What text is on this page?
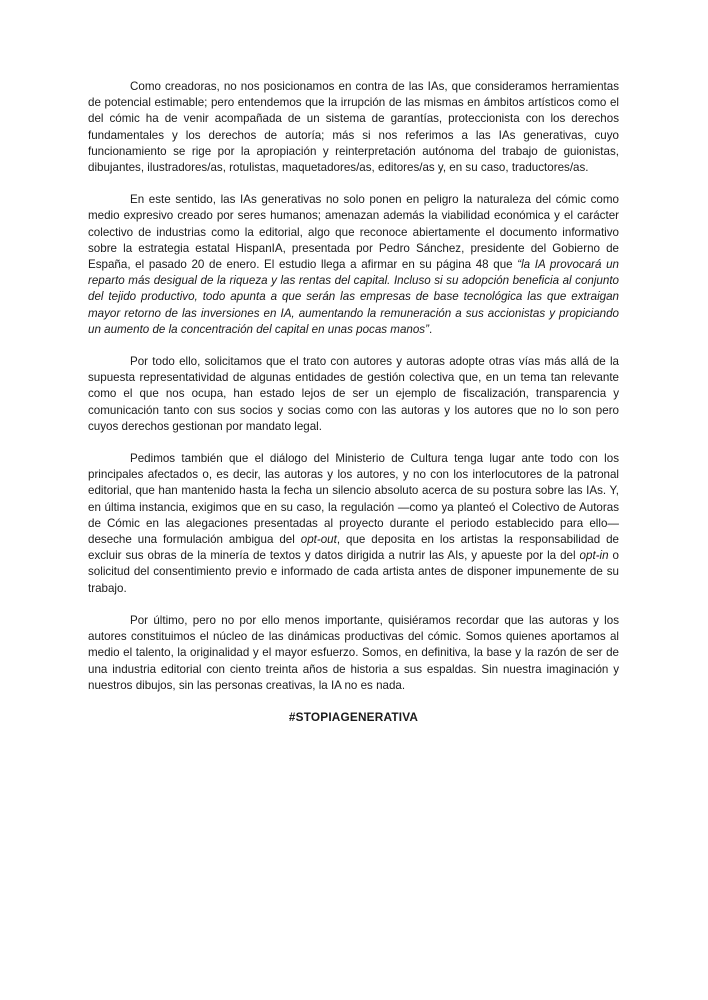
Como creadoras, no nos posicionamos en contra de las IAs, que consideramos herramientas de potencial estimable; pero entendemos que la irrupción de las mismas en ámbitos artísticos como el del cómic ha de venir acompañada de un sistema de garantías, proteccionista con los derechos fundamentales y los derechos de autoría; más si nos referimos a las IAs generativas, cuyo funcionamiento se rige por la apropiación y reinterpretación autónoma del trabajo de guionistas, dibujantes, ilustradores/as, rotulistas, maquetadores/as, editores/as y, en su caso, traductores/as.

En este sentido, las IAs generativas no solo ponen en peligro la naturaleza del cómic como medio expresivo creado por seres humanos; amenazan además la viabilidad económica y el carácter colectivo de industrias como la editorial, algo que reconoce abiertamente el documento informativo sobre la estrategia estatal HispanIA, presentada por Pedro Sánchez, presidente del Gobierno de España, el pasado 20 de enero. El estudio llega a afirmar en su página 48 que “la IA provocará un reparto más desigual de la riqueza y las rentas del capital. Incluso si su adopción beneficia al conjunto del tejido productivo, todo apunta a que serán las empresas de base tecnológica las que extraigan mayor retorno de las inversiones en IA, aumentando la remuneración a sus accionistas y propiciando un aumento de la concentración del capital en unas pocas manos”.

Por todo ello, solicitamos que el trato con autores y autoras adopte otras vías más allá de la supuesta representatividad de algunas entidades de gestión colectiva que, en un tema tan relevante como el que nos ocupa, han estado lejos de ser un ejemplo de fiscalización, transparencia y comunicación tanto con sus socios y socias como con las autoras y los autores que no lo son pero cuyos derechos gestionan por mandato legal.

Pedimos también que el diálogo del Ministerio de Cultura tenga lugar ante todo con los principales afectados o, es decir, las autoras y los autores, y no con los interlocutores de la patronal editorial, que han mantenido hasta la fecha un silencio absoluto acerca de su postura sobre las IAs. Y, en última instancia, exigimos que en su caso, la regulación —como ya planteó el Colectivo de Autoras de Cómic en las alegaciones presentadas al proyecto durante el periodo establecido para ello— deseche una formulación ambigua del opt-out, que deposita en los artistas la responsabilidad de excluir sus obras de la minería de textos y datos dirigida a nutrir las AIs, y apueste por la del opt-in o solicitud del consentimiento previo e informado de cada artista antes de disponer impunemente de su trabajo.

Por último, pero no por ello menos importante, quisiéramos recordar que las autoras y los autores constituimos el núcleo de las dinámicas productivas del cómic. Somos quienes aportamos al medio el talento, la originalidad y el mayor esfuerzo. Somos, en definitiva, la base y la razón de ser de una industria editorial con ciento treinta años de historia a sus espaldas. Sin nuestra imaginación y nuestros dibujos, sin las personas creativas, la IA no es nada.

#STOPIAGENERATIVA
